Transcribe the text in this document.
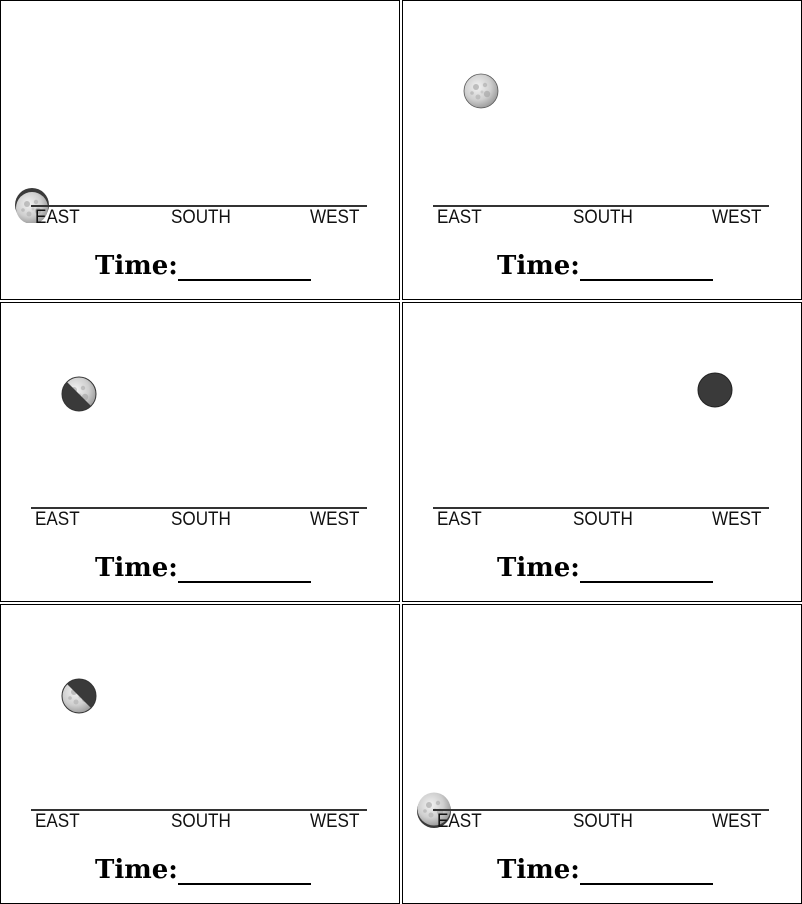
EAST	SOUTH	WEST
Time:
EAST	SOUTH	WEST
Time:
EAST	SOUTH	WEST
Time:
EAST	SOUTH	WEST
Time:
EAST	SOUTH	WEST
Time:
EAST	SOUTH	WEST
Time:
